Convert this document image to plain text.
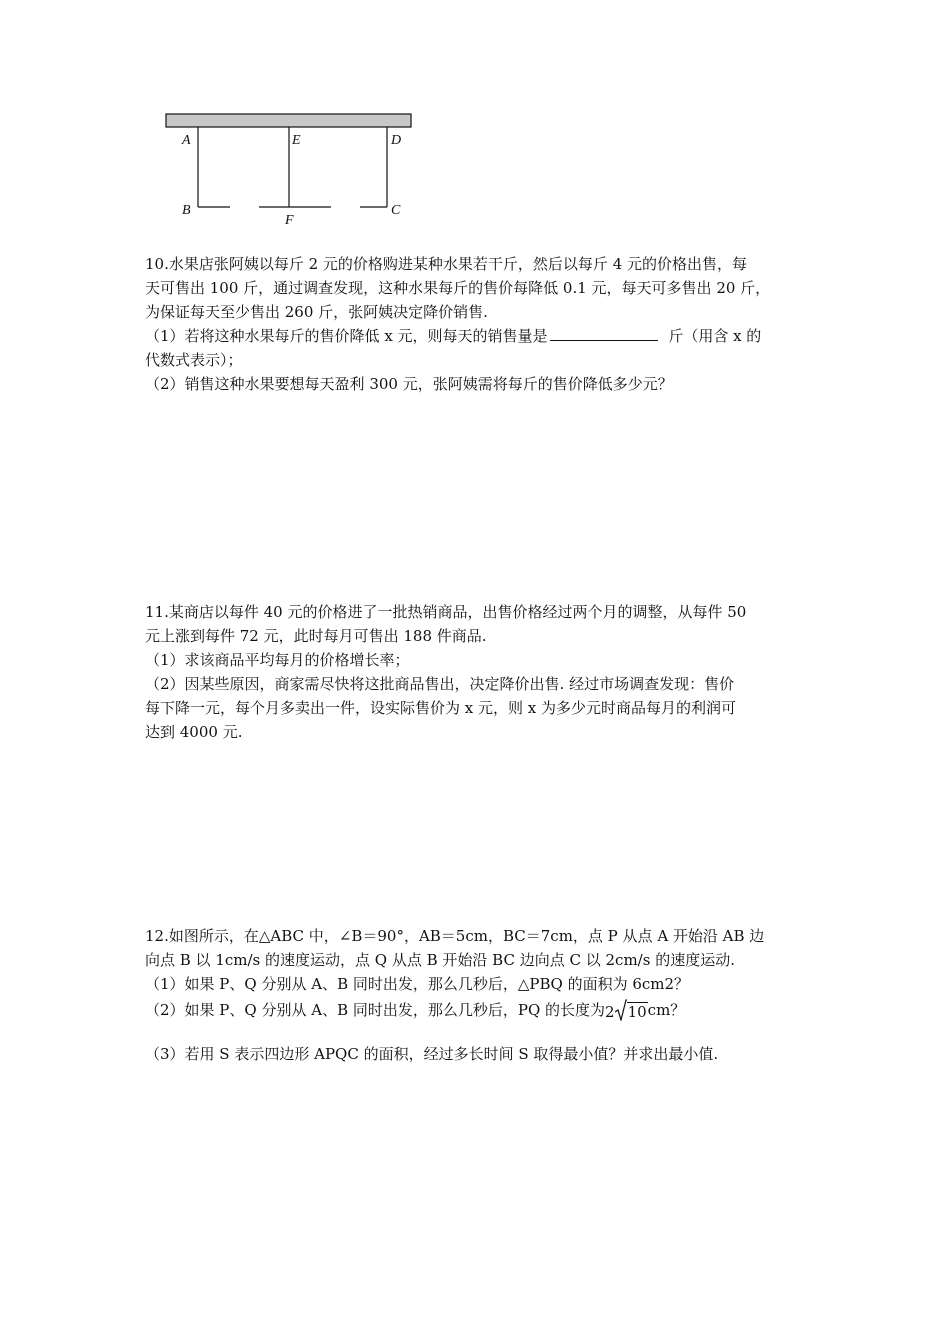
A	E	D
B
F
C
10.水果店张阿姨以每斤 2 元的价格购进某种水果若干斤，然后以每斤 4 元的价格出售，每
天可售出 100 斤，通过调查发现，这种水果每斤的售价每降低 0.1 元，每天可多售出 20 斤，
为保证每天至少售出 260 斤，张阿姨决定降价销售.
（1）若将这种水果每斤的售价降低 x 元，则每天的销售量是	斤（用含 x 的
代数式表示）；
（2）销售这种水果要想每天盈利 300 元，张阿姨需将每斤的售价降低多少元？
11.某商店以每件 40 元的价格进了一批热销商品，出售价格经过两个月的调整，从每件 50
元上涨到每件 72 元，此时每月可售出 188 件商品.
（1）求该商品平均每月的价格增长率；
（2）因某些原因，商家需尽快将这批商品售出，决定降价出售. 经过市场调查发现：售价
每下降一元，每个月多卖出一件，设实际售价为 x 元，则 x 为多少元时商品每月的利润可
达到 4000 元.
12.如图所示，在△ABC 中，∠B＝90°，AB＝5cm，BC＝7cm，点 P 从点 A 开始沿 AB 边
向点 B 以 1cm/s 的速度运动，点 Q 从点 B 开始沿 BC 边向点 C 以 2cm/s 的速度运动.
（1）如果 P、Q 分别从 A、B 同时出发，那么几秒后，△PBQ 的面积为 6cm2？
（2）如果 P、Q 分别从 A、B 同时出发，那么几秒后，PQ 的长度为2 10cm？
（3）若用 S 表示四边形 APQC 的面积，经过多长时间 S 取得最小值？并求出最小值.
